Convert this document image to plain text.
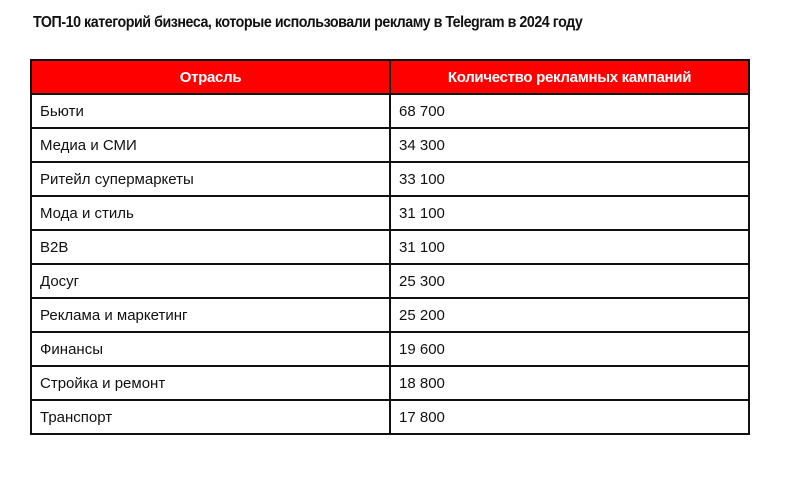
ТОП-10 категорий бизнеса, которые использовали рекламу в Telegram в 2024 году
Отрасль	Количество рекламных кампаний
Бьюти	68 700
Медиа и СМИ	34 300
Ритейл супермаркеты	33 100
Мода и стиль	31 100
B2B	31 100
Досуг	25 300
Реклама и маркетинг	25 200
Финансы	19 600
Стройка и ремонт	18 800
Транспорт	17 800
